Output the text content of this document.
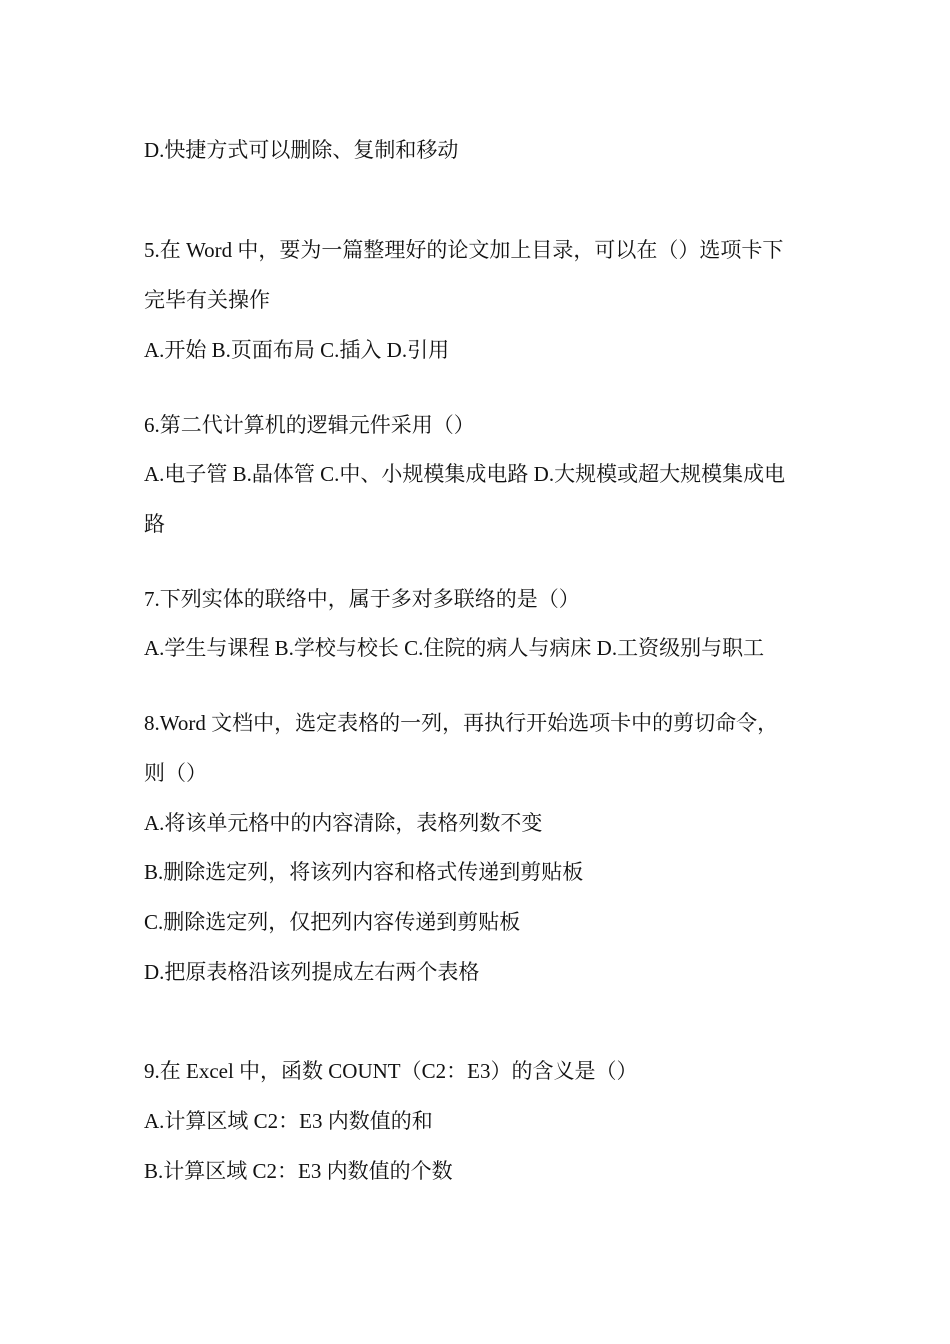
D.快捷方式可以删除、复制和移动
5.在 Word 中，要为一篇整理好的论文加上目录，可以在（）选项卡下
完毕有关操作
A.开始 B.页面布局 C.插入 D.引用
6.第二代计算机的逻辑元件采用（）
A.电子管 B.晶体管 C.中、小规模集成电路 D.大规模或超大规模集成电
路
7.下列实体的联络中，属于多对多联络的是（）
A.学生与课程 B.学校与校长 C.住院的病人与病床 D.工资级别与职工
8.Word 文档中，选定表格的一列，再执行开始选项卡中的剪切命令，
则（）
A.将该单元格中的内容清除，表格列数不变
B.删除选定列，将该列内容和格式传递到剪贴板
C.删除选定列，仅把列内容传递到剪贴板
D.把原表格沿该列提成左右两个表格
9.在 Excel 中，函数 COUNT（C2：E3）的含义是（）
A.计算区域 C2：E3 内数值的和
B.计算区域 C2：E3 内数值的个数
